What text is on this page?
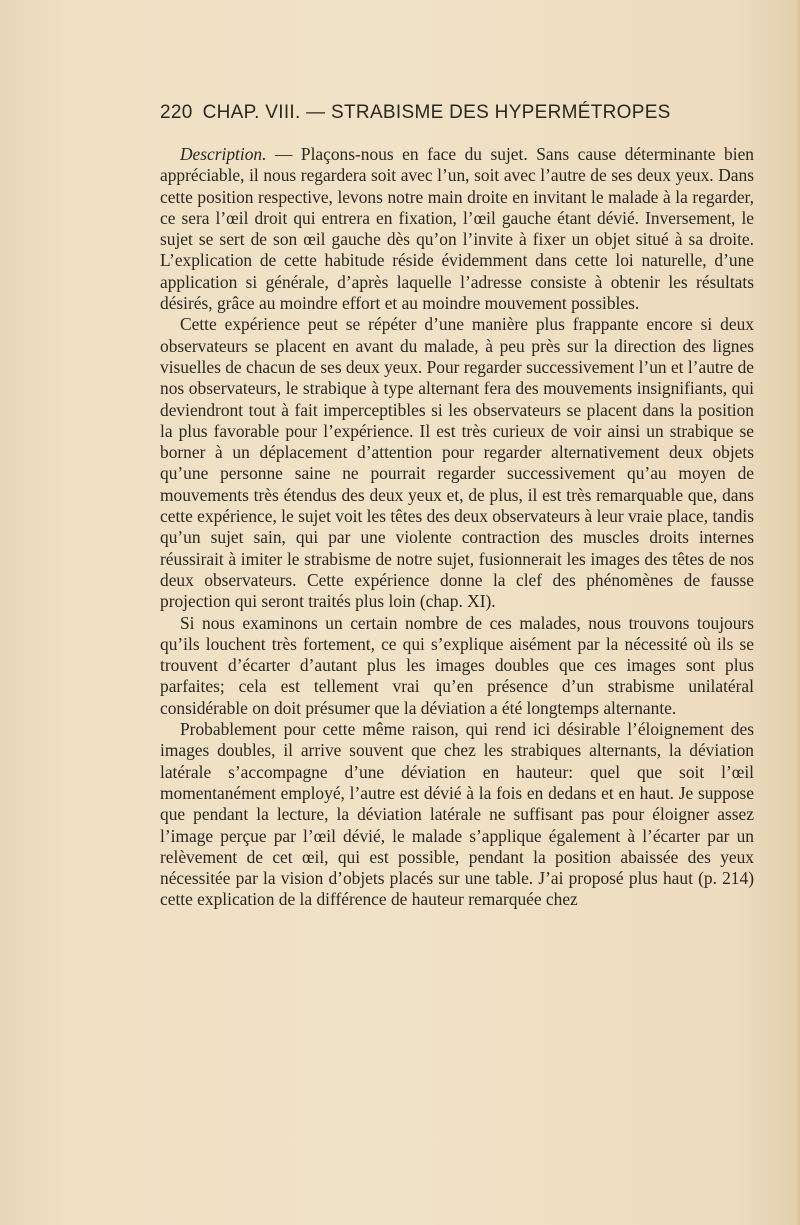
220 CHAP. VIII. — STRABISME DES HYPERMÉTROPES

Description. — Plaçons-nous en face du sujet. Sans cause déterminante bien appréciable, il nous regardera soit avec l’un, soit avec l’autre de ses deux yeux. Dans cette position respective, levons notre main droite en invitant le malade à la regarder, ce sera l’œil droit qui entrera en fixation, l’œil gauche étant dévié. Inversement, le sujet se sert de son œil gauche dès qu’on l’invite à fixer un objet situé à sa droite. L’explication de cette habitude réside évidemment dans cette loi naturelle, d’une application si générale, d’après laquelle l’adresse consiste à obtenir les résultats désirés, grâce au moindre effort et au moindre mouvement possibles.

Cette expérience peut se répéter d’une manière plus frappante encore si deux observateurs se placent en avant du malade, à peu près sur la direction des lignes visuelles de chacun de ses deux yeux. Pour regarder successivement l’un et l’autre de nos observateurs, le strabique à type alternant fera des mouvements insignifiants, qui deviendront tout à fait imperceptibles si les observateurs se placent dans la position la plus favorable pour l’expérience. Il est très curieux de voir ainsi un strabique se borner à un déplacement d’attention pour regarder alternativement deux objets qu’une personne saine ne pourrait regarder successivement qu’au moyen de mouvements très étendus des deux yeux et, de plus, il est très remarquable que, dans cette expérience, le sujet voit les têtes des deux observateurs à leur vraie place, tandis qu’un sujet sain, qui par une violente contraction des muscles droits internes réussirait à imiter le strabisme de notre sujet, fusionnerait les images des têtes de nos deux observateurs. Cette expérience donne la clef des phénomènes de fausse projection qui seront traités plus loin (chap. XI).

Si nous examinons un certain nombre de ces malades, nous trouvons toujours qu’ils louchent très fortement, ce qui s’explique aisément par la nécessité où ils se trouvent d’écarter d’autant plus les images doubles que ces images sont plus parfaites; cela est tellement vrai qu’en présence d’un strabisme unilatéral considérable on doit présumer que la déviation a été longtemps alternante.

Probablement pour cette même raison, qui rend ici désirable l’éloignement des images doubles, il arrive souvent que chez les strabiques alternants, la déviation latérale s’accompagne d’une déviation en hauteur: quel que soit l’œil momentanément employé, l’autre est dévié à la fois en dedans et en haut. Je suppose que pendant la lecture, la déviation latérale ne suffisant pas pour éloigner assez l’image perçue par l’œil dévié, le malade s’applique également à l’écarter par un relèvement de cet œil, qui est possible, pendant la position abaissée des yeux nécessitée par la vision d’objets placés sur une table. J’ai proposé plus haut (p. 214) cette explication de la différence de hauteur remarquée chez
